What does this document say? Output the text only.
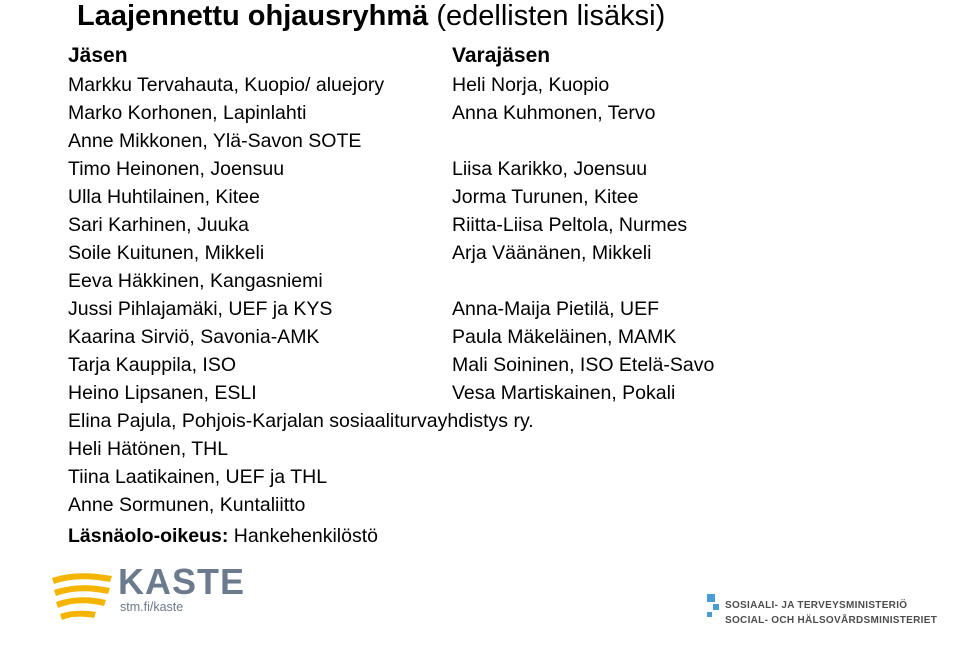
Laajennettu ohjausryhmä (edellisten lisäksi)
Jäsen
Markku Tervahauta, Kuopio/ aluejory
Marko Korhonen, Lapinlahti
Anne Mikkonen, Ylä-Savon SOTE
Timo Heinonen, Joensuu
Ulla Huhtilainen, Kitee
Sari Karhinen, Juuka
Soile Kuitunen, Mikkeli
Eeva Häkkinen, Kangasniemi
Jussi Pihlajamäki, UEF ja KYS
Kaarina Sirviö, Savonia-AMK
Tarja Kauppila, ISO
Heino Lipsanen, ESLI
Elina Pajula, Pohjois-Karjalan sosiaaliturvayhdistys ry.
Heli Hätönen, THL
Tiina Laatikainen, UEF ja THL
Anne Sormunen, Kuntaliitto
Läsnäolo-oikeus: Hankehenkilöstö
Varajäsen
Heli Norja, Kuopio
Anna Kuhmonen, Tervo
Liisa Karikko, Joensuu
Jorma Turunen, Kitee
Riitta-Liisa Peltola, Nurmes
Arja Väänänen, Mikkeli
Anna-Maija Pietilä, UEF
Paula Mäkeläinen, MAMK
Mali Soininen, ISO Etelä-Savo
Vesa Martiskainen, Pokali
KASTE
stm.fi/kaste	SOSIAALI- JA TERVEYSMINISTERIÖ
SOCIAL- OCH HÄLSOVÅRDSMINISTERIET
